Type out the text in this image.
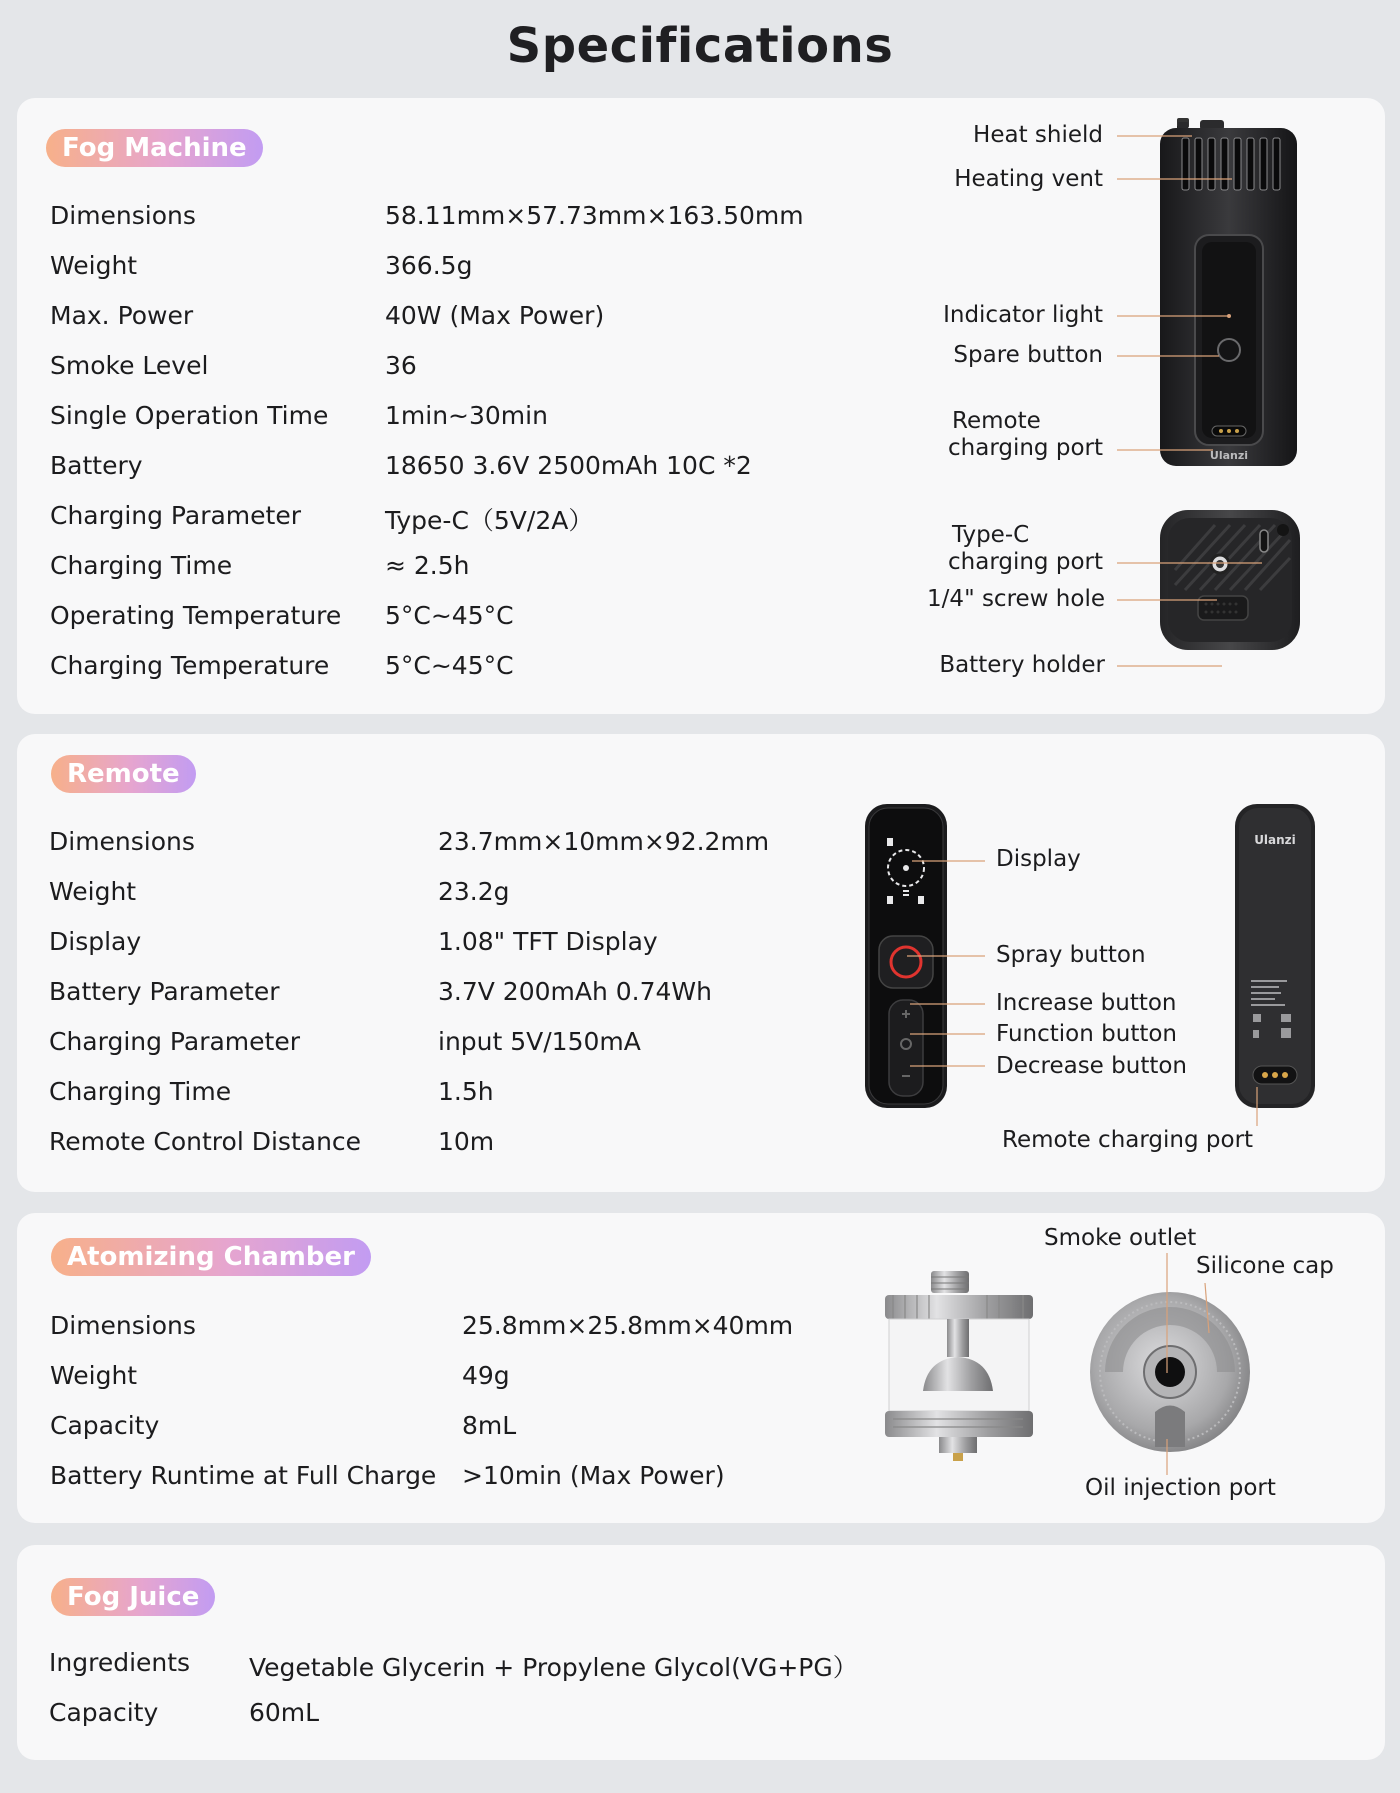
Specifications
Fog Machine
Dimensions	58.11mm×57.73mm×163.50mm
Weight	366.5g
Max. Power	40W (Max Power)
Smoke Level	36
Single Operation Time 1min~30min
Battery	18650 3.6V 2500mAh 10C *2
Charging Parameter	Type-C（5V/2A）
Charging Time	≈ 2.5h
Operating Temperature 5°C~45°C
Charging Temperature 5°C~45°C
Ulanzi
Heat shield
Heating vent
Indicator light
Spare button
Remote
charging port
Type-C
charging port
1/4" screw hole
Battery holder
Remote
Dimensions	23.7mm×10mm×92.2mm
Weight	23.2g
Display	1.08" TFT Display
Battery Parameter	3.7V 200mAh 0.74Wh
Charging Parameter	input 5V/150mA
Charging Time	1.5h
Remote Control Distance	10m
Ulanzi
Display
Spray button
Increase button
Function button
Decrease button
Remote charging port
Atomizing Chamber
Dimensions	25.8mm×25.8mm×40mm
Weight	49g
Capacity	8mL
Battery Runtime at Full Charge >10min (Max Power)
Smoke outlet
Silicone cap
Oil injection port
Fog Juice
Ingredients Vegetable Glycerin + Propylene Glycol(VG+PG）
Capacity	60mL
